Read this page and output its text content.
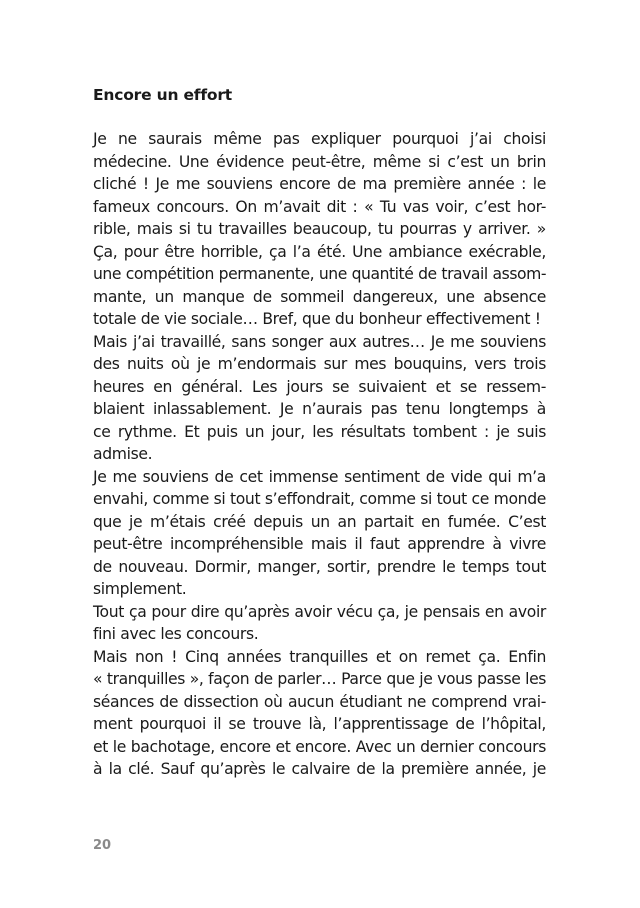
Encore un effort
Je ne saurais même pas expliquer pourquoi j’ai choisi
médecine. Une évidence peut-être, même si c’est un brin
cliché ! Je me souviens encore de ma première année : le
fameux concours. On m’avait dit : « Tu vas voir, c’est hor-
rible, mais si tu travailles beaucoup, tu pourras y arriver. »
Ça, pour être horrible, ça l’a été. Une ambiance exécrable,
une compétition permanente, une quantité de travail assom-
mante, un manque de sommeil dangereux, une absence
totale de vie sociale… Bref, que du bonheur effectivement !
Mais j’ai travaillé, sans songer aux autres… Je me souviens
des nuits où je m’endormais sur mes bouquins, vers trois
heures en général. Les jours se suivaient et se ressem-
blaient inlassablement. Je n’aurais pas tenu longtemps à
ce rythme. Et puis un jour, les résultats tombent : je suis
admise.
Je me souviens de cet immense sentiment de vide qui m’a
envahi, comme si tout s’effondrait, comme si tout ce monde
que je m’étais créé depuis un an partait en fumée. C’est
peut-être incompréhensible mais il faut apprendre à vivre
de nouveau. Dormir, manger, sortir, prendre le temps tout
simplement.
Tout ça pour dire qu’après avoir vécu ça, je pensais en avoir
fini avec les concours.
Mais non ! Cinq années tranquilles et on remet ça. Enfin
« tranquilles », façon de parler… Parce que je vous passe les
séances de dissection où aucun étudiant ne comprend vrai-
ment pourquoi il se trouve là, l’apprentissage de l’hôpital,
et le bachotage, encore et encore. Avec un dernier concours
à la clé. Sauf qu’après le calvaire de la première année, je
20
